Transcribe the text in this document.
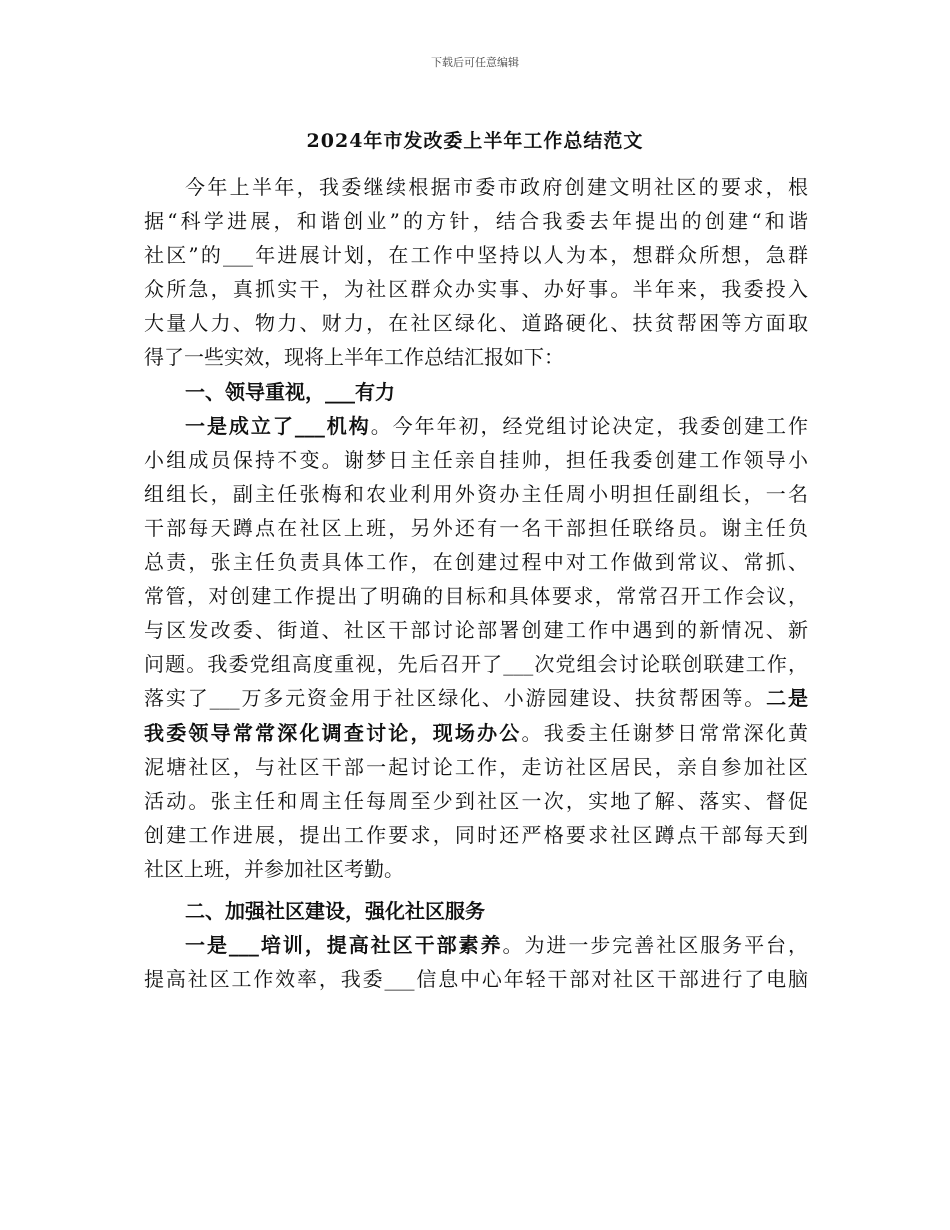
下载后可任意编辑
2024年市发改委上半年工作总结范文
今年上半年，我委继续根据市委市政府创建文明社区的要求，根
据“科学进展，和谐创业”的方针，结合我委去年提出的创建“和谐
社区”的___年进展计划，在工作中坚持以人为本，想群众所想，急群
众所急，真抓实干，为社区群众办实事、办好事。半年来，我委投入
大量人力、物力、财力，在社区绿化、道路硬化、扶贫帮困等方面取
得了一些实效，现将上半年工作总结汇报如下：
一、领导重视，___有力
一是成立了___机构。今年年初，经党组讨论决定，我委创建工作
小组成员保持不变。谢梦日主任亲自挂帅，担任我委创建工作领导小
组组长，副主任张梅和农业利用外资办主任周小明担任副组长，一名
干部每天蹲点在社区上班，另外还有一名干部担任联络员。谢主任负
总责，张主任负责具体工作，在创建过程中对工作做到常议、常抓、
常管，对创建工作提出了明确的目标和具体要求，常常召开工作会议，
与区发改委、街道、社区干部讨论部署创建工作中遇到的新情况、新
问题。我委党组高度重视，先后召开了___次党组会讨论联创联建工作，
落实了___万多元资金用于社区绿化、小游园建设、扶贫帮困等。二是
我委领导常常深化调查讨论，现场办公。我委主任谢梦日常常深化黄
泥塘社区，与社区干部一起讨论工作，走访社区居民，亲自参加社区
活动。张主任和周主任每周至少到社区一次，实地了解、落实、督促
创建工作进展，提出工作要求，同时还严格要求社区蹲点干部每天到
社区上班，并参加社区考勤。
二、加强社区建设，强化社区服务
一是___培训，提高社区干部素养。为进一步完善社区服务平台，
提高社区工作效率，我委___信息中心年轻干部对社区干部进行了电脑
